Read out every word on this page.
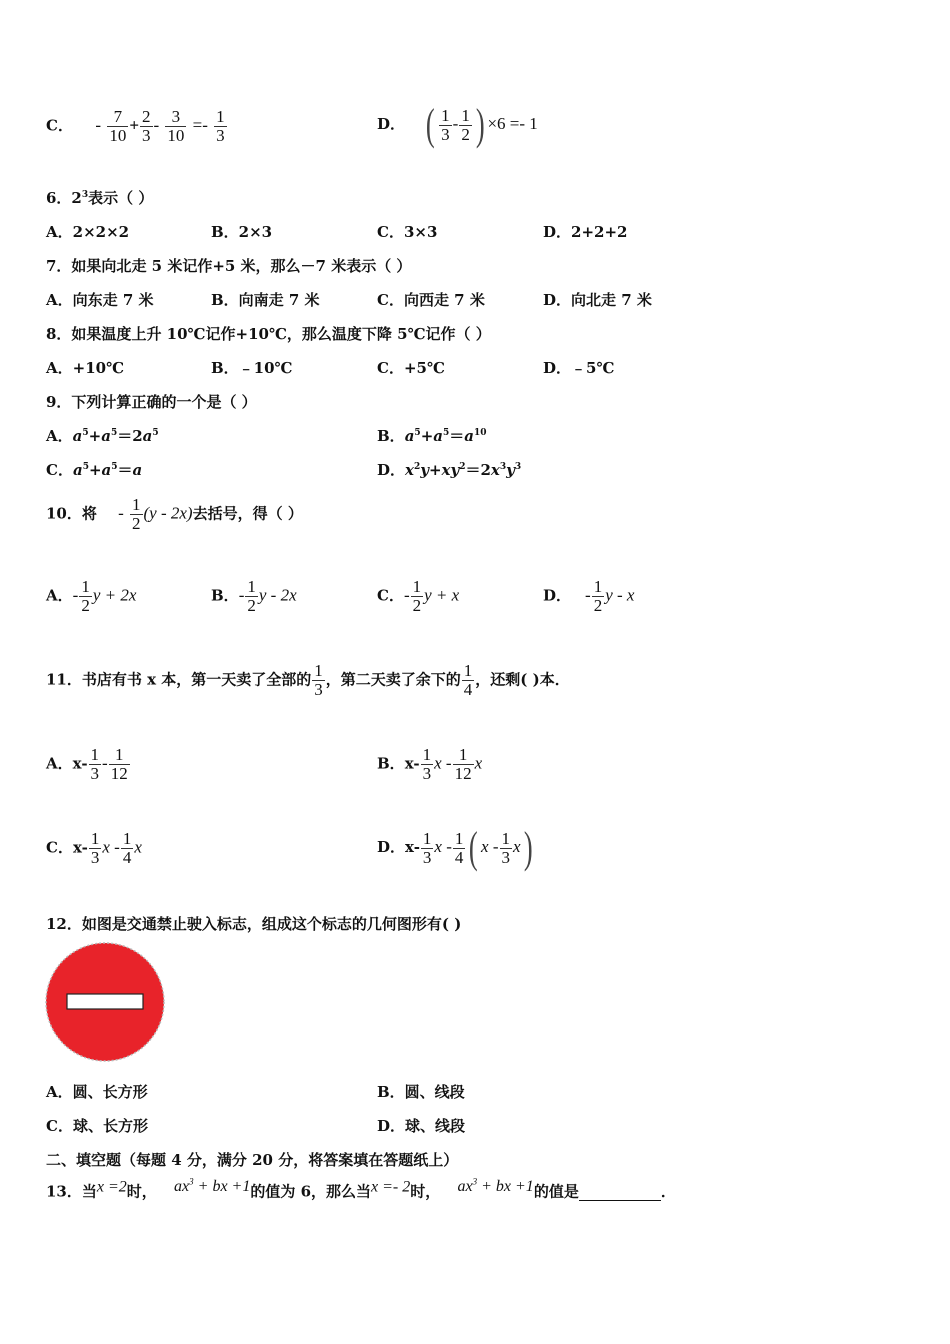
C． - $\frac{7}{10} + \frac{2}{3} - \frac{3}{10} =- \frac{1}{3}$	D． ( $\frac{1}{3} - \frac{1}{2}$ ) ×6 =- 1
6．$2^3$表示（ ）
A．2×2×2	B．2×3	C．3×3	D．2+2+2
7．如果向北走 5 米记作+5 米，那么－7 米表示（ ）
A．向东走 7 米	B．向南走 7 米	C．向西走 7 米	D．向北走 7 米
8．如果温度上升 10℃记作+10℃，那么温度下降 5℃记作（ ）
A．+10℃	B．﹣10℃	C．+5℃	D．﹣5℃
9．下列计算正确的一个是（ ）
A．$a^5+a^5=2a^5$	B．$a^5+a^5=a^{10}$
C．$a^5+a^5=a$	D．$x^2y+xy^2=2x^3y^3$
10．将 - $\frac{1}{2} (y - 2x)$去括号，得（ ）
A．- $\frac{1}{2}$ y + 2x	B．- $\frac{1}{2}$ y - 2x	C．- $\frac{1}{2}$ y + x	D． - $\frac{1}{2}$ y - x
11．书店有书 x 本，第一天卖了全部的 $\frac{1}{3}$ ，第二天卖了余下的 $\frac{1}{4}$ ，还剩( )本．
A．$x- \frac{1}{3} - \frac{1}{12}$	B．$x- \frac{1}{3}$ x - $\frac{1}{12}$ x
C．$x- \frac{1}{3}$ x - $\frac{1}{4}$ x	D．$x- \frac{1}{3}$ x - $\frac{1}{4}$ ( x - $\frac{1}{3} x$)
12．如图是交通禁止驶入标志，组成这个标志的几何图形有( )
A．圆、长方形	B．圆、线段
C．球、长方形	D．球、线段
二、填空题（每题 4 分，满分 20 分，将答案填在答题纸上）
13．当x =2时， $ax^3$ + bx +1的值为 6，那么当x =- 2时， $ax^3$ + bx +1的值是	．
